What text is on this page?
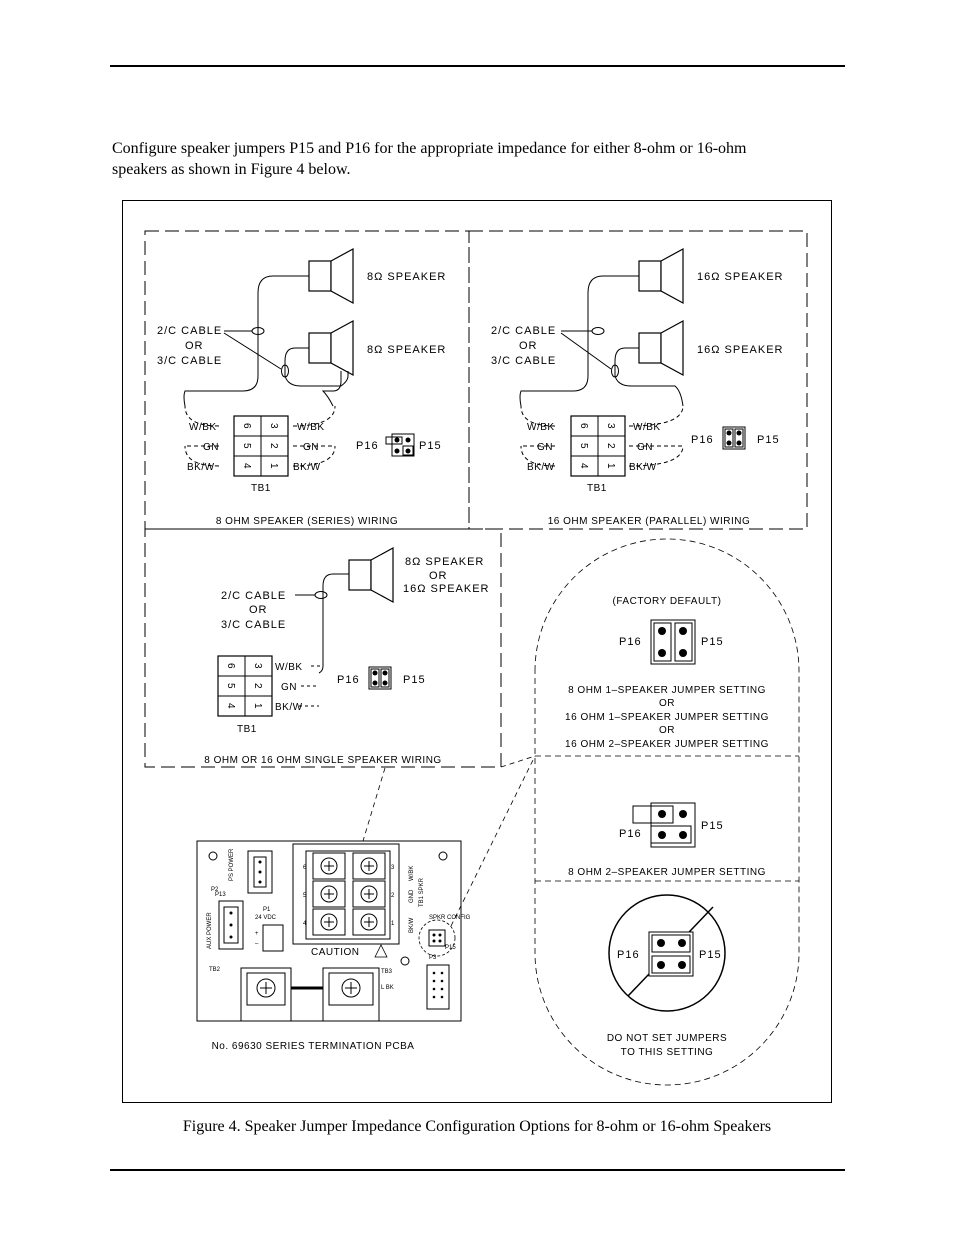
Configure speaker jumpers P15 and P16 for the appropriate impedance for either 8-ohm or 16-ohm
speakers as shown in Figure 4 below.

8Ω SPEAKER
8Ω SPEAKER
2/C CABLE
OR
3/C CABLE
6 3
5 2
4 1
W/BK
GN
BK/W
W/BK
GN
BK/W
TB1
P16	P15
8 OHM SPEAKER (SERIES) WIRING
16Ω SPEAKER
16Ω SPEAKER
2/C CABLE
OR
3/C CABLE
6 3
5 2
4 1
W/BK
GN
BK/W
W/BK
GN
BK/W
TB1
P16	P15
16 OHM SPEAKER (PARALLEL) WIRING
8Ω SPEAKER
OR
16Ω SPEAKER
2/C CABLE
OR
3/C CABLE
6 3
5 2
4 1
W/BK
GN
BK/W
TB1
P16	P15
8 OHM OR 16 OHM SINGLE SPEAKER WIRING
(FACTORY DEFAULT)
P16	P15
8 OHM 1–SPEAKER JUMPER SETTING
OR
16 OHM 1–SPEAKER JUMPER SETTING
OR
16 OHM 2–SPEAKER JUMPER SETTING
P16
P15
8 OHM 2–SPEAKER JUMPER SETTING
P16	P15
DO NOT SET JUMPERS
TO THIS SETTING
P2
PS POWER
P13
AUX POWER
P1
24 VDC
+
–
TB2	TB3
L BK
6
5
4
3
2
1
W/BK
GND
BK/W
TB1 SPKR
SPKR CONFIG
P15
CAUTION	P3
No. 69630 SERIES TERMINATION PCBA
Figure 4. Speaker Jumper Impedance Configuration Options for 8-ohm or 16-ohm Speakers
